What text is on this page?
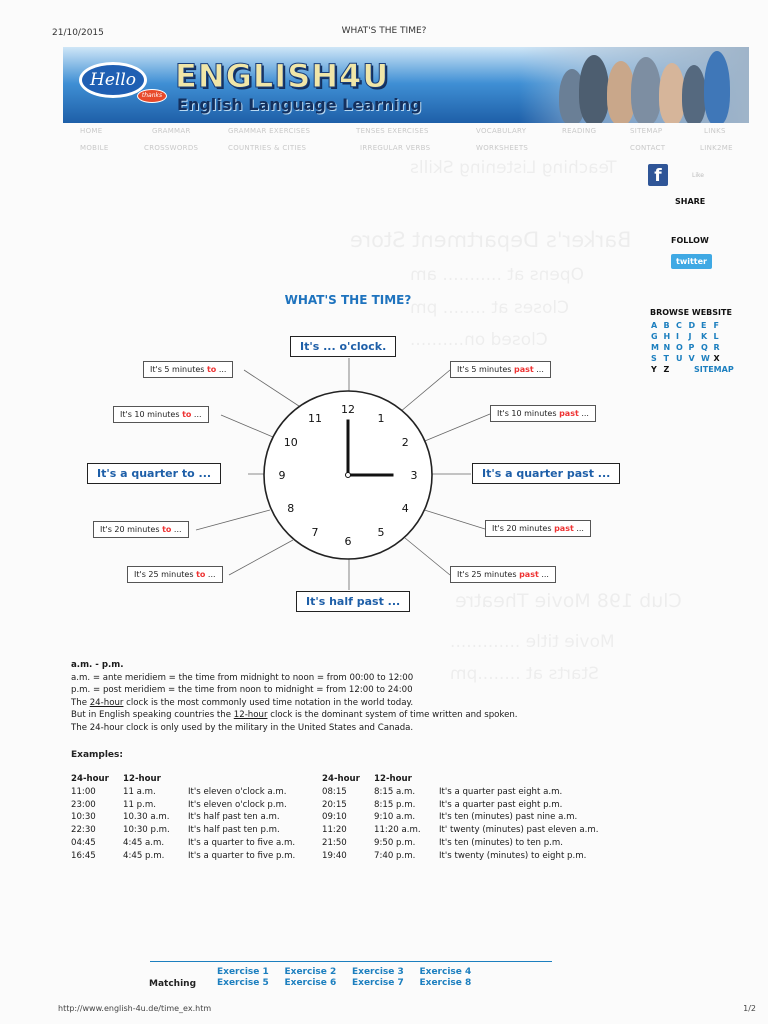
21/10/2015	WHAT'S THE TIME?
http://www.english-4u.de/time_ex.htm	1/2
Teaching Listening Skills
Barker's Department Store
Opens at ........... am
Closes at ........ pm
Closed on..........
Club 198 Movie Theatre
Movie title .............
Starts at ........pm
Hello
thanks
ENGLISH4U
English Language Learning
HOME	GRAMMAR	GRAMMAR EXERCISES	TENSES EXERCISES	VOCABULARY	READING	SITEMAP	LINKS
MOBILE	CROSSWORDS	COUNTRIES & CITIES	IRREGULAR VERBS	WORKSHEETS	CONTACT	LINK2ME
f	Like
SHARE
FOLLOW
twitter
BROWSE WEBSITE
A B C D E F
G H I J K L
M N O P Q R
S T U V W X
Y Z	SITEMAP
WHAT'S THE TIME?
12
1
2
3
4
5
6
7
8
9
10
11
It's ... o'clock.
It's half past ...
It's a quarter past ...
It's a quarter to ...
It's 5 minutes past ...
It's 10 minutes past ...
It's 20 minutes past ...
It's 25 minutes past ...
It's 5 minutes to ...
It's 10 minutes to ...
It's 20 minutes to ...
It's 25 minutes to ...
a.m. - p.m.
a.m. = ante meridiem = the time from midnight to noon = from 00:00 to 12:00
p.m. = post meridiem = the time from noon to midnight = from 12:00 to 24:00
The 24-hour clock is the most commonly used time notation in the world today.
But in English speaking countries the 12-hour clock is the dominant system of time written and spoken.
The 24-hour clock is only used by the military in the United States and Canada.
Examples:
24-hour 12-hour
11:00	11 a.m.	It's eleven o'clock a.m.
23:00	11 p.m.	It's eleven o'clock p.m.
10:30	10.30 a.m. It's half past ten a.m.
22:30	10:30 p.m. It's half past ten p.m.
04:45	4:45 a.m.	It's a quarter to five a.m.
16:45	4:45 p.m.	It's a quarter to five p.m.
24-hour 12-hour
08:15	8:15 a.m.	It's a quarter past eight a.m.
20:15	8:15 p.m.	It's a quarter past eight p.m.
09:10	9:10 a.m.	It's ten (minutes) past nine a.m.
11:20	11:20 a.m. It' twenty (minutes) past eleven a.m.
21:50	9:50 p.m.	It's ten (minutes) to ten p.m.
19:40	7:40 p.m.	It's twenty (minutes) to eight p.m.
Matching
Exercise 1 Exercise 2 Exercise 3 Exercise 4
Exercise 5 Exercise 6 Exercise 7 Exercise 8
